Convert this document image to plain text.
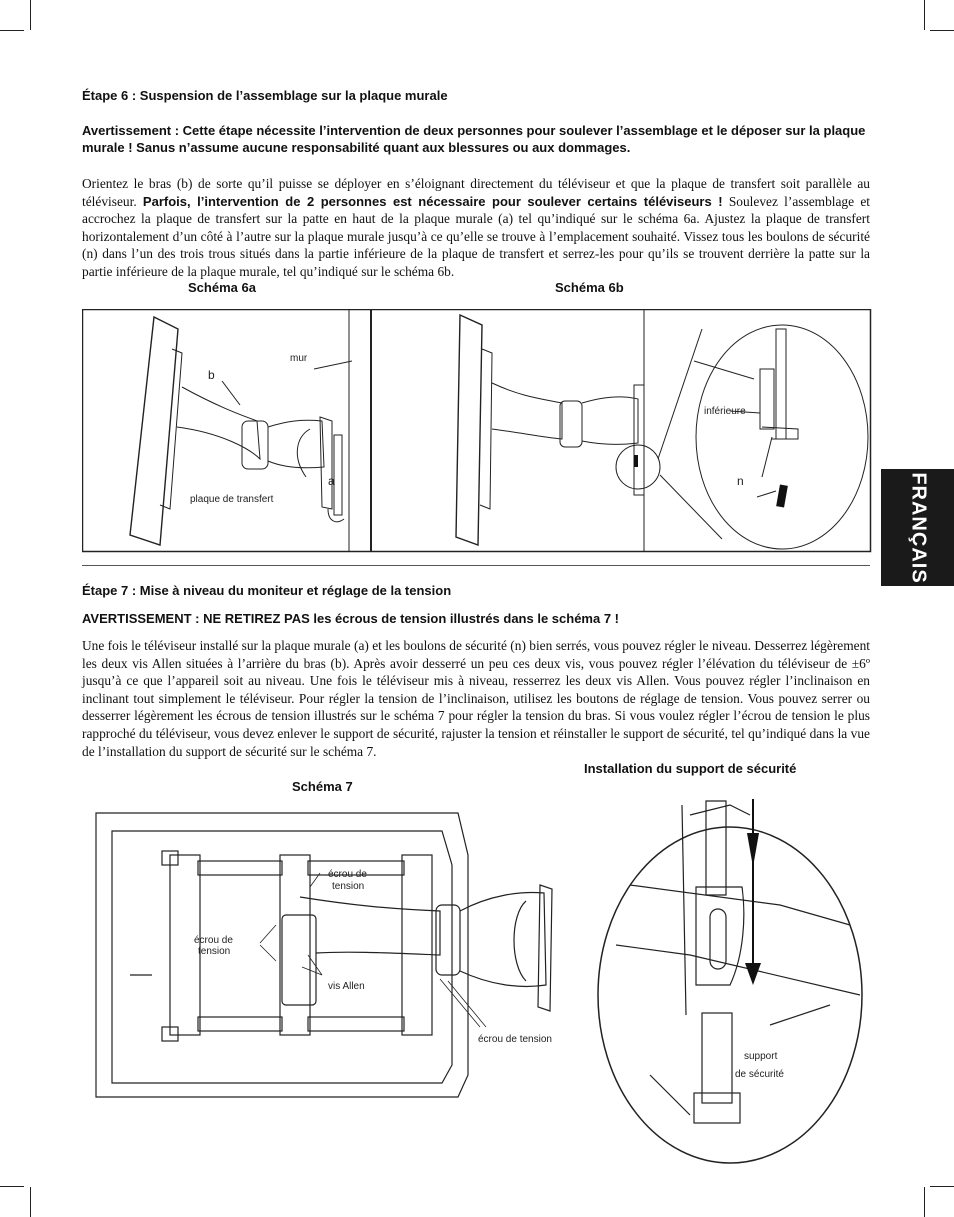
Étape 6 : Suspension de l’assemblage sur la plaque murale
Avertissement : Cette étape nécessite l’intervention de deux personnes pour soulever l’assemblage et le déposer sur la plaque murale ! Sanus n’assume aucune responsabilité quant aux blessures ou aux dommages.
Orientez le bras (b) de sorte qu’il puisse se déployer en s’éloignant directement du téléviseur et que la plaque de transfert soit parallèle au téléviseur. Parfois, l’intervention de 2 personnes est nécessaire pour soulever certains téléviseurs ! Soulevez l’assemblage et accrochez la plaque de transfert sur la patte en haut de la plaque murale (a) tel qu’indiqué sur le schéma 6a. Ajustez la plaque de transfert horizontalement d’un côté à l’autre sur la plaque murale jusqu’à ce qu’elle se trouve à l’emplacement souhaité. Vissez tous les boulons de sécurité (n) dans l’un des trois trous situés dans la partie inférieure de la plaque de transfert et serrez-les pour qu’ils se trouvent derrière la patte sur la partie inférieure de la plaque murale, tel qu’indiqué sur le schéma 6b.
Schéma 6a	Schéma 6b
mur
b
a
plaque de transfert
inférieure
n	FRANÇAIS
Étape 7 : Mise à niveau du moniteur et réglage de la tension
AVERTISSEMENT : NE RETIREZ PAS les écrous de tension illustrés dans le schéma 7 !
Une fois le téléviseur installé sur la plaque murale (a) et les boulons de sécurité (n) bien serrés, vous pouvez régler le niveau. Desserrez légèrement les deux vis Allen situées à l’arrière du bras (b). Après avoir desserré un peu ces deux vis, vous pouvez régler l’élévation du téléviseur de ±6º jusqu’à ce que l’appareil soit au niveau. Une fois le téléviseur mis à niveau, resserrez les deux vis Allen. Vous pouvez régler l’inclinaison en inclinant tout simplement le téléviseur. Pour régler la tension de l’inclinaison, utilisez les boutons de réglage de tension. Vous pouvez serrer ou desserrer légèrement les écrous de tension illustrés sur le schéma 7 pour régler la tension du bras. Si vous voulez régler l’écrou de tension le plus rapproché du téléviseur, vous devez enlever le support de sécurité, rajuster la tension et réinstaller le support de sécurité, tel qu’indiqué dans la vue de l’installation du support de sécurité sur le schéma 7.
Installation du support de sécurité
Schéma 7
écrou de
tension
écrou de
tension
vis Allen
écrou de tension
support
de sécurité
